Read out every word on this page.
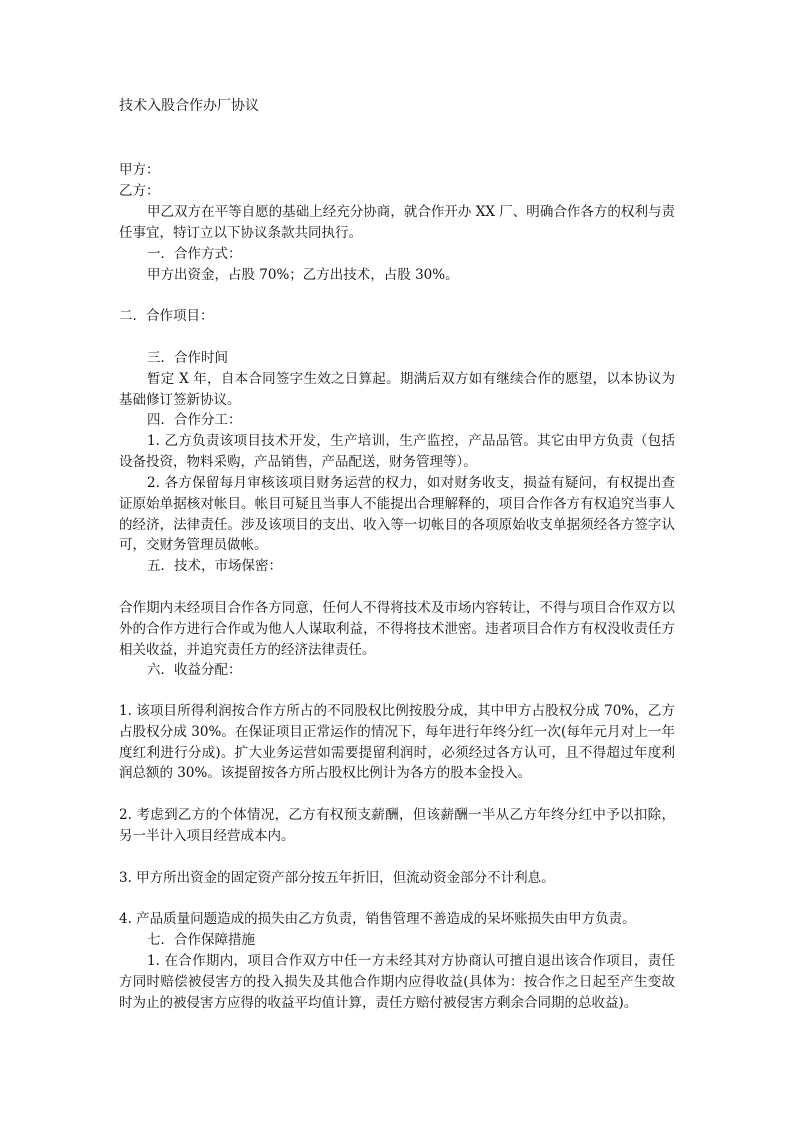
技术入股合作办厂协议

甲方：

乙方：

甲乙双方在平等自愿的基础上经充分协商，就合作开办 XX 厂、明确合作各方的权利与责任事宜，特订立以下协议条款共同执行。

一．合作方式：

甲方出资金，占股 70%；乙方出技术，占股 30%。

二．合作项目：

三．合作时间

暂定 X 年，自本合同签字生效之日算起。期满后双方如有继续合作的愿望，以本协议为基础修订签新协议。

四．合作分工：

1. 乙方负责该项目技术开发，生产培训，生产监控，产品品管。其它由甲方负责（包括设备投资，物料采购，产品销售，产品配送，财务管理等）。

2. 各方保留每月审核该项目财务运营的权力，如对财务收支，损益有疑问，有权提出查证原始单据核对帐目。帐目可疑且当事人不能提出合理解释的，项目合作各方有权追究当事人的经济，法律责任。涉及该项目的支出、收入等一切帐目的各项原始收支单据须经各方签字认可，交财务管理员做帐。

五．技术，市场保密：

合作期内未经项目合作各方同意，任何人不得将技术及市场内容转让，不得与项目合作双方以外的合作方进行合作或为他人人谋取利益，不得将技术泄密。违者项目合作方有权没收责任方相关收益，并追究责任方的经济法律责任。

六．收益分配：

1. 该项目所得利润按合作方所占的不同股权比例按股分成，其中甲方占股权分成 70%，乙方占股权分成 30%。在保证项目正常运作的情况下，每年进行年终分红一次(每年元月对上一年度红利进行分成)。扩大业务运营如需要提留利润时，必须经过各方认可，且不得超过年度利润总额的 30%。该提留按各方所占股权比例计为各方的股本金投入。

2. 考虑到乙方的个体情况，乙方有权预支薪酬，但该薪酬一半从乙方年终分红中予以扣除，另一半计入项目经营成本内。

3. 甲方所出资金的固定资产部分按五年折旧，但流动资金部分不计利息。

4. 产品质量问题造成的损失由乙方负责，销售管理不善造成的呆坏账损失由甲方负责。

七．合作保障措施

1. 在合作期内，项目合作双方中任一方未经其对方协商认可擅自退出该合作项目，责任方同时赔偿被侵害方的投入损失及其他合作期内应得收益(具体为：按合作之日起至产生变故时为止的被侵害方应得的收益平均值计算，责任方赔付被侵害方剩余合同期的总收益)。
